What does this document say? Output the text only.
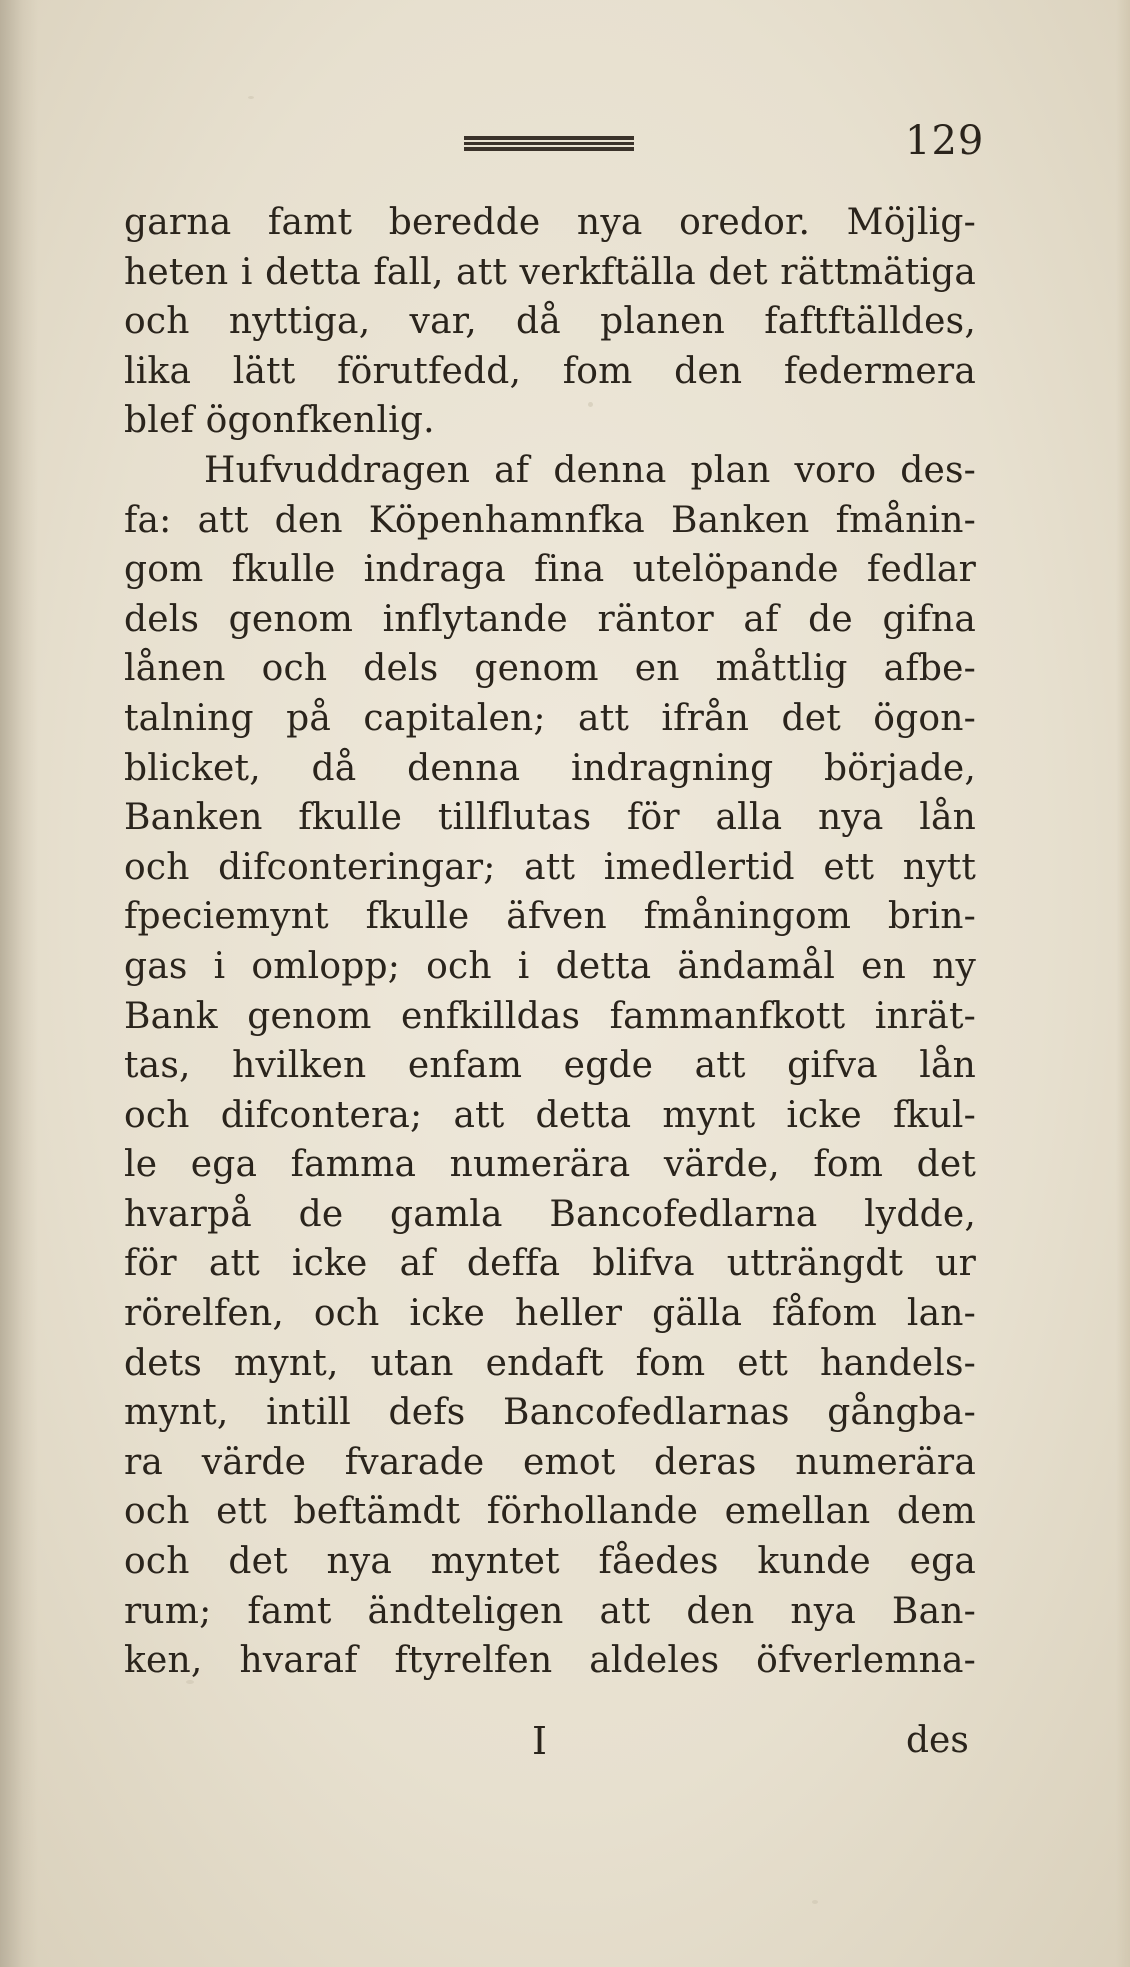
129
garna famt beredde nya oredor. Möjlig-
heten i detta fall, att verkftälla det rättmätiga
och nyttiga, var, då planen faftftälldes,
lika lätt förutfedd, fom den federmera
blef ögonfkenlig.
Hufvuddragen af denna plan voro des-
fa: att den Köpenhamnfka Banken fmånin-
gom fkulle indraga fina utelöpande fedlar
dels genom inflytande räntor af de gifna
lånen och dels genom en måttlig afbe-
talning på capitalen; att ifrån det ögon-
blicket, då denna indragning började,
Banken fkulle tillflutas för alla nya lån
och difconteringar; att imedlertid ett nytt
fpeciemynt fkulle äfven fmåningom brin-
gas i omlopp; och i detta ändamål en ny
Bank genom enfkilldas fammanfkott inrät-
tas, hvilken enfam egde att gifva lån
och difcontera; att detta mynt icke fkul-
le ega famma numerära värde, fom det
hvarpå de gamla Bancofedlarna lydde,
för att icke af deffa blifva utträngdt ur
rörelfen, och icke heller gälla fåfom lan-
dets mynt, utan endaft fom ett handels-
mynt, intill defs Bancofedlarnas gångba-
ra värde fvarade emot deras numerära
och ett beftämdt förhollande emellan dem
och det nya myntet fåedes kunde ega
rum; famt ändteligen att den nya Ban-
ken, hvaraf ftyrelfen aldeles öfverlemna-
I	des
